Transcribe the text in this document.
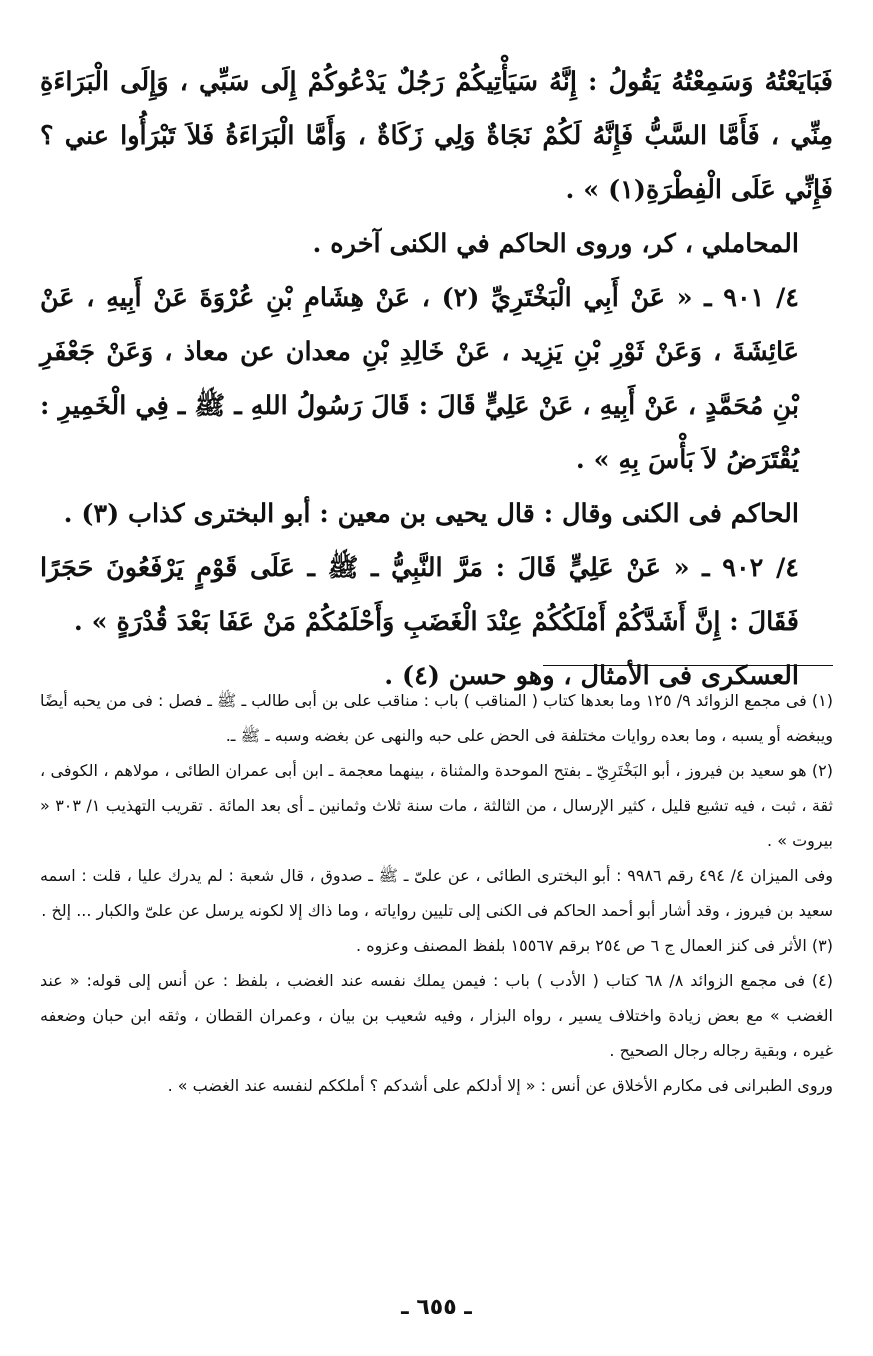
فَبَايَعْتُهُ وَسَمِعْتُهُ يَقُولُ : إِنَّهُ سَيَأْتِيكُمْ رَجُلٌ يَدْعُوكُمْ إِلَى سَبِّي ، وَإِلَى الْبَرَاءَةِ مِنِّي ، فَأَمَّا السَّبُّ فَإِنَّهُ لَكُمْ نَجَاةٌ وَلِي زَكَاةٌ ، وَأَمَّا الْبَرَاءَةُ فَلاَ تَبْرَأُوا عني ؟ فَإِنِّي عَلَى الْفِطْرَةِ(١) » .

المحاملي ، كر، وروى الحاكم في الكنى آخره .

٤/ ٩٠١ ـ « عَنْ أَبِي الْبَخْتَرِيِّ (٢) ، عَنْ هِشَامِ بْنِ عُرْوَةَ عَنْ أَبِيهِ ، عَنْ عَائِشَةَ ، وَعَنْ ثَوْرِ بْنِ يَزِيد ، عَنْ خَالِدِ بْنِ معدان عن معاذ ، وَعَنْ جَعْفَرِ بْنِ مُحَمَّدٍ ، عَنْ أَبِيهِ ، عَنْ عَلِيٍّ قَالَ : قَالَ رَسُولُ اللهِ ـ ﷺ ـ فِي الْخَمِيرِ : يُقْتَرَضُ لاَ بَأْسَ بِهِ » .

الحاكم فى الكنى وقال : قال يحيى بن معين : أبو البخترى كذاب (٣) .

٤/ ٩٠٢ ـ « عَنْ عَلِيٍّ قَالَ : مَرَّ النَّبِيُّ ـ ﷺ ـ عَلَى قَوْمٍ يَرْفَعُونَ حَجَرًا فَقَالَ : إِنَّ أَشَدَّكُمْ أَمْلَكُكُمْ عِنْدَ الْغَضَبِ وَأَحْلَمُكُمْ مَنْ عَفَا بَعْدَ قُدْرَةٍ » .

العسكرى فى الأمثال ، وهو حسن (٤) .

(١) فى مجمع الزوائد ٩/ ١٢٥ وما بعدها كتاب ( المناقب ) باب : مناقب على بن أبى طالب ـ ﷺ ـ فصل : فى من يحبه أيضًا ويبغضه أو يسبه ، وما بعده روايات مختلفة فى الحض على حبه والنهى عن بغضه وسبه ـ ﷺ ـ.

(٢) هو سعيد بن فيروز ، أبو البَخْتَرِيّ ـ بفتح الموحدة والمثناة ، بينهما معجمة ـ ابن أبى عمران الطائى ، مولاهم ، الكوفى ، ثقة ، ثبت ، فيه تشيع قليل ، كثير الإرسال ، من الثالثة ، مات سنة ثلاث وثمانين ـ أى بعد المائة . تقريب التهذيب ١/ ٣٠٣ « بيروت » .

وفى الميزان ٤/ ٤٩٤ رقم ٩٩٨٦ : أبو البخترى الطائى ، عن علىّ ـ ﷺ ـ صدوق ، قال شعبة : لم يدرك عليا ، قلت : اسمه سعيد بن فيروز ، وقد أشار أبو أحمد الحاكم فى الكنى إلى تليين رواياته ، وما ذاك إلا لكونه يرسل عن علىّ والكبار ... إلخ .

(٣) الأثر فى كنز العمال ج ٦ ص ٢٥٤ برقم ١٥٥٦٧ بلفظ المصنف وعزوه .

(٤) فى مجمع الزوائد ٨/ ٦٨ كتاب ( الأدب ) باب : فيمن يملك نفسه عند الغضب ، بلفظ : عن أنس إلى قوله: « عند الغضب » مع بعض زيادة واختلاف يسير ، رواه البزار ، وفيه شعيب بن بيان ، وعمران القطان ، وثقه ابن حبان وضعفه غيره ، وبقية رجاله رجال الصحيح .

وروى الطبرانى فى مكارم الأخلاق عن أنس : « إلا أدلكم على أشدكم ؟ أملككم لنفسه عند الغضب » .

ـ ٦٥٥ ـ
